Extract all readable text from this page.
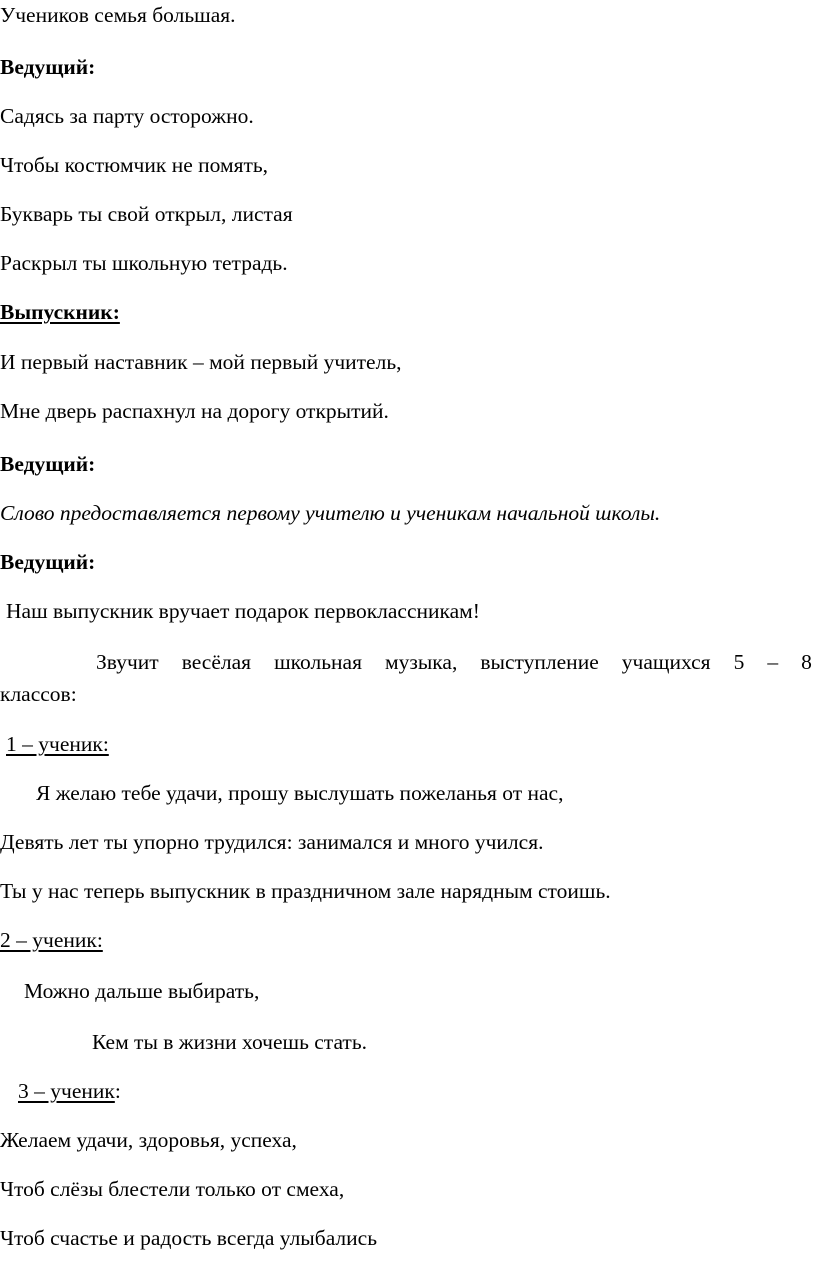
Учеников семья большая.
Ведущий:
Садясь за парту осторожно.
Чтобы костюмчик не помять,
Букварь ты свой открыл, листая
Раскрыл ты школьную тетрадь.
Выпускник:
И первый наставник – мой первый учитель,
Мне дверь распахнул на дорогу открытий.
Ведущий:
Слово предоставляется первому учителю и ученикам начальной школы.
Ведущий:
Наш выпускник вручает подарок первоклассникам!
Звучит весёлая школьная музыка, выступление учащихся 5 – 8
классов:
1 – ученик:
Я желаю тебе удачи, прошу выслушать пожеланья от нас,
Девять лет ты упорно трудился: занимался и много учился.
Ты у нас теперь выпускник в праздничном зале нарядным стоишь.
2 – ученик:
Можно дальше выбирать,
Кем ты в жизни хочешь стать.
3 – ученик:
Желаем удачи, здоровья, успеха,
Чтоб слёзы блестели только от смеха,
Чтоб счастье и радость всегда улыбались
